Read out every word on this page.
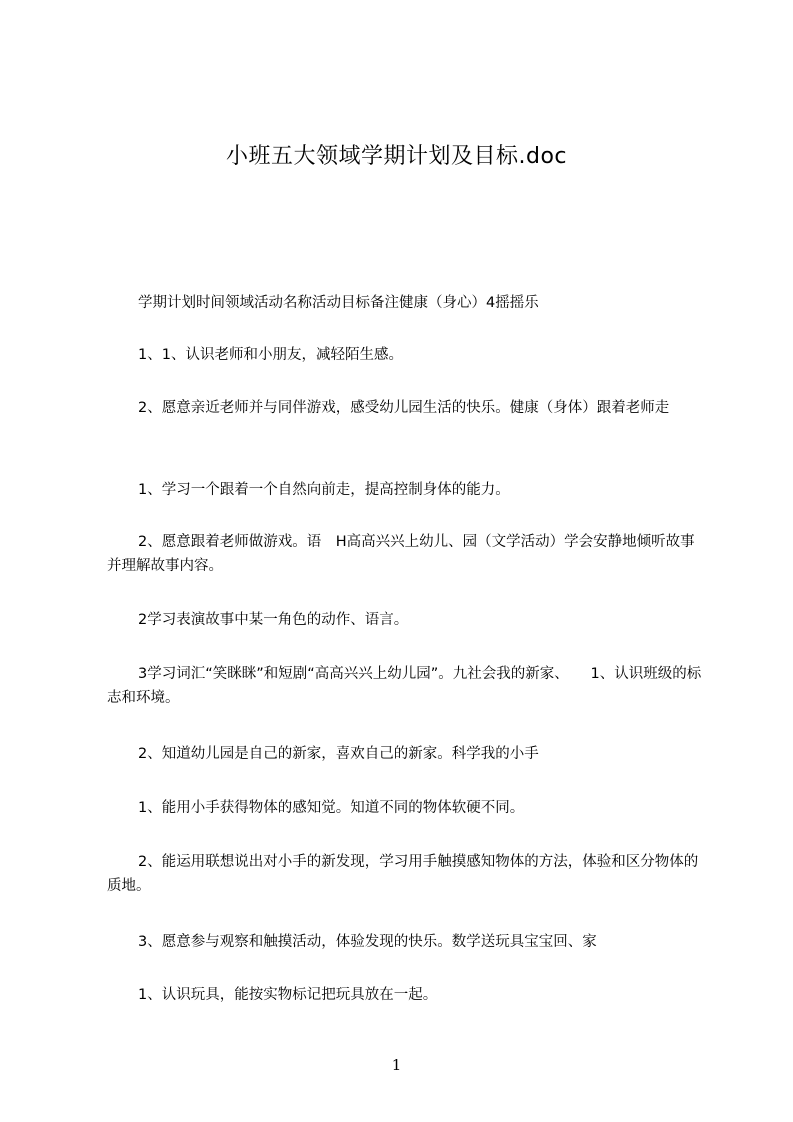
小班五大领域学期计划及目标.doc
学期计划时间领域活动名称活动目标备注健康（身心）4摇摇乐
1、1、认识老师和小朋友，减轻陌生感。
2、愿意亲近老师并与同伴游戏，感受幼儿园生活的快乐。健康（身体）跟着老师走
1、学习一个跟着一个自然向前走，提高控制身体的能力。
2、愿意跟着老师做游戏。语　H高高兴兴上幼儿、园（文学活动）学会安静地倾听故事并理解故事内容。
2学习表演故事中某一角色的动作、语言。
3学习词汇“笑眯眯”和短剧“高高兴兴上幼儿园”。九社会我的新家、　　1、认识班级的标志和环境。
2、知道幼儿园是自己的新家，喜欢自己的新家。科学我的小手
1、能用小手获得物体的感知觉。知道不同的物体软硬不同。
2、能运用联想说出对小手的新发现，学习用手触摸感知物体的方法，体验和区分物体的质地。
3、愿意参与观察和触摸活动，体验发现的快乐。数学送玩具宝宝回、家
1、认识玩具，能按实物标记把玩具放在一起。
1
